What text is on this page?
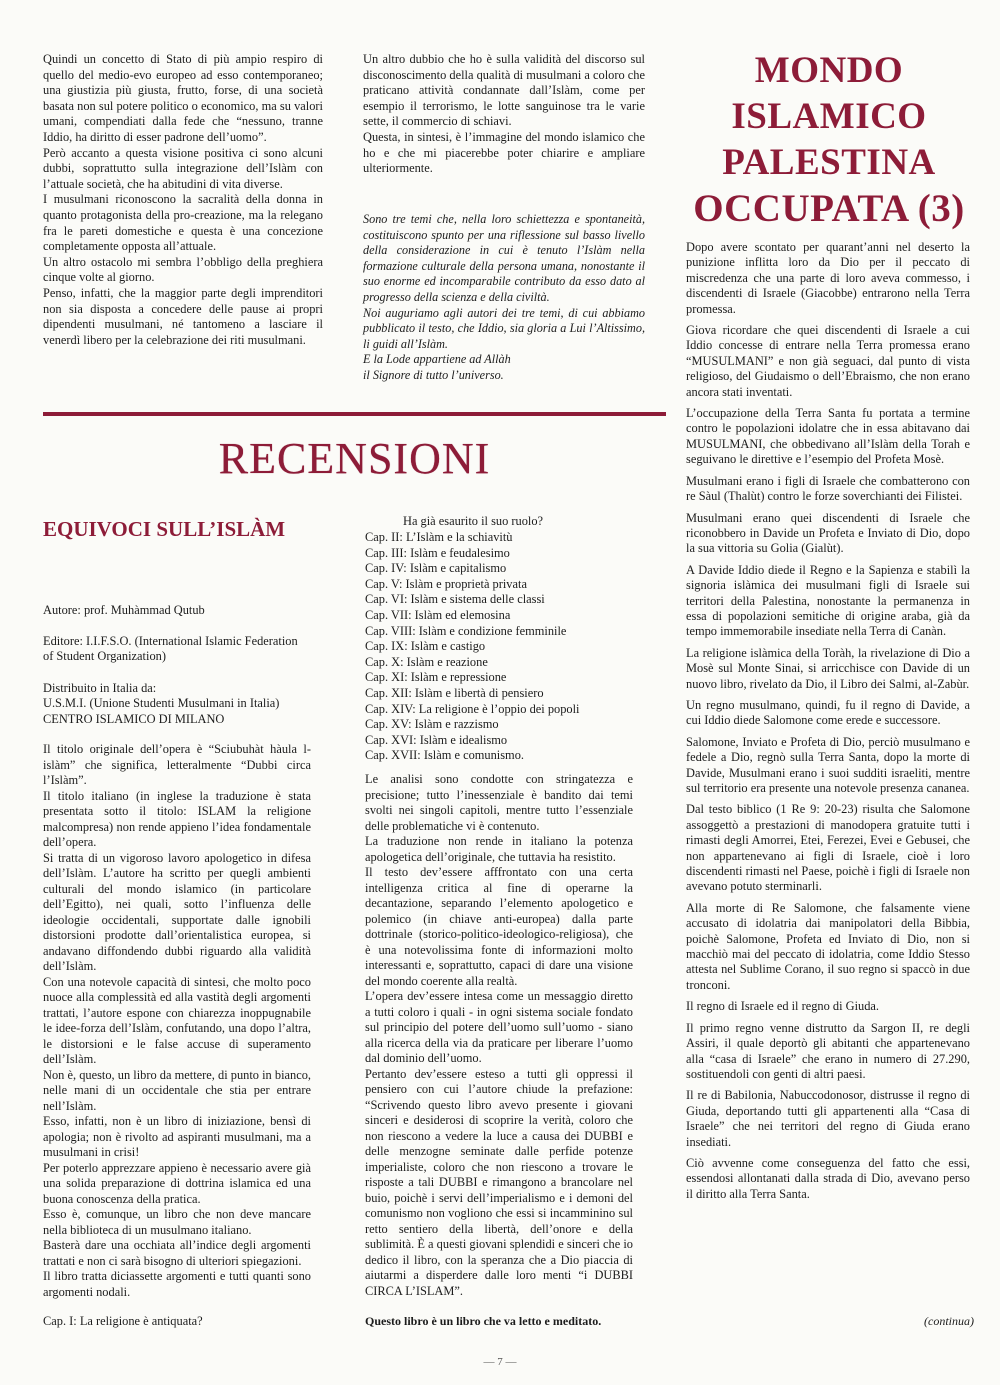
Quindi un concetto di Stato di più ampio respiro di quello del medio-evo europeo ad esso contemporaneo; una giustizia più giusta, frutto, forse, di una società basata non sul potere politico o economico, ma su valori umani, compendiati dalla fede che “nessuno, tranne Iddio, ha diritto di esser padrone dell’uomo”.

Però accanto a questa visione positiva ci sono alcuni dubbi, soprattutto sulla integrazione dell’Islàm con l’attuale società, che ha abitudini di vita diverse.

I musulmani riconoscono la sacralità della donna in quanto protagonista della pro-creazione, ma la relegano fra le pareti domestiche e questa è una concezione completamente opposta all’attuale.

Un altro ostacolo mi sembra l’obbligo della preghiera cinque volte al giorno.

Penso, infatti, che la maggior parte degli imprenditori non sia disposta a concedere delle pause ai propri dipendenti musulmani, né tantomeno a lasciare il venerdì libero per la celebrazione dei riti musulmani.

Un altro dubbio che ho è sulla validità del discorso sul disconoscimento della qualità di musulmani a coloro che praticano attività condannate dall’Islàm, come per esempio il terrorismo, le lotte sanguinose tra le varie sette, il commercio di schiavi.

Questa, in sintesi, è l’immagine del mondo islamico che ho e che mi piacerebbe poter chiarire e ampliare ulteriormente.

Sono tre temi che, nella loro schiettezza e spontaneità, costituiscono spunto per una riflessione sul basso livello della considerazione in cui è tenuto l’Islàm nella formazione culturale della persona umana, nonostante il suo enorme ed incomparabile contributo da esso dato al progresso della scienza e della civiltà.

Noi auguriamo agli autori dei tre temi, di cui abbiamo pubblicato il testo, che Iddio, sia gloria a Lui l’Altissimo, li guidi all’Islàm.

E la Lode appartiene ad Allàh

il Signore di tutto l’universo.

MONDO ISLAMICO
PALESTINA
OCCUPATA (3)

Dopo avere scontato per quarant’anni nel deserto la punizione inflitta loro da Dio per il peccato di miscredenza che una parte di loro aveva commesso, i discendenti di Israele (Giacobbe) entrarono nella Terra promessa.

Giova ricordare che quei discendenti di Israele a cui Iddio concesse di entrare nella Terra promessa erano “MUSULMANI” e non già seguaci, dal punto di vista religioso, del Giudaismo o dell’Ebraismo, che non erano ancora stati inventati.

L’occupazione della Terra Santa fu portata a termine contro le popolazioni idolatre che in essa abitavano dai MUSULMANI, che obbedivano all’Islàm della Torah e seguivano le direttive e l’esempio del Profeta Mosè.

Musulmani erano i figli di Israele che combatterono con re Sàul (Thalùt) contro le forze soverchianti dei Filistei.

Musulmani erano quei discendenti di Israele che riconobbero in Davide un Profeta e Inviato di Dio, dopo la sua vittoria su Golia (Gialùt).

A Davide Iddio diede il Regno e la Sapienza e stabilì la signoria islàmica dei musulmani figli di Israele sui territori della Palestina, nonostante la permanenza in essa di popolazioni semitiche di origine araba, già da tempo immemorabile insediate nella Terra di Canàn.

La religione islàmica della Toràh, la rivelazione di Dio a Mosè sul Monte Sinai, si arricchisce con Davide di un nuovo libro, rivelato da Dio, il Libro dei Salmi, al-Zabùr.

Un regno musulmano, quindi, fu il regno di Davide, a cui Iddio diede Salomone come erede e successore.

Salomone, Inviato e Profeta di Dio, perciò musulmano e fedele a Dio, regnò sulla Terra Santa, dopo la morte di Davide, Musulmani erano i suoi sudditi israeliti, mentre sul territorio era presente una notevole presenza cananea.

Dal testo biblico (1 Re 9: 20-23) risulta che Salomone assoggettò a prestazioni di manodopera gratuite tutti i rimasti degli Amorrei, Etei, Ferezei, Evei e Gebusei, che non appartenevano ai figli di Israele, cioè i loro discendenti rimasti nel Paese, poichè i figli di Israele non avevano potuto sterminarli.

Alla morte di Re Salomone, che falsamente viene accusato di idolatria dai manipolatori della Bibbia, poichè Salomone, Profeta ed Inviato di Dio, non si macchiò mai del peccato di idolatria, come Iddio Stesso attesta nel Sublime Corano, il suo regno si spaccò in due tronconi.

Il regno di Israele ed il regno di Giuda.

Il primo regno venne distrutto da Sargon II, re degli Assiri, il quale deportò gli abitanti che appartenevano alla “casa di Israele” che erano in numero di 27.290, sostituendoli con genti di altri paesi.

Il re di Babilonia, Nabuccodonosor, distrusse il regno di Giuda, deportando tutti gli appartenenti alla “Casa di Israele” che nei territori del regno di Giuda erano insediati.

Ciò avvenne come conseguenza del fatto che essi, essendosi allontanati dalla strada di Dio, avevano perso il diritto alla Terra Santa.

(continua)
RECENSIONI
EQUIVOCI SULL’ISLÀM

Autore: prof. Muhàmmad Qutub

Editore: I.I.F.S.O. (International Islamic Federation of Student Organization)

Distribuito in Italia da:

U.S.M.I. (Unione Studenti Musulmani in Italia)

CENTRO ISLAMICO DI MILANO

Il titolo originale dell’opera è “Sciubuhàt hàula l-islàm” che significa, letteralmente “Dubbi circa l’Islàm”.

Il titolo italiano (in inglese la traduzione è stata presentata sotto il titolo: ISLAM la religione malcompresa) non rende appieno l’idea fondamentale dell’opera.

Si tratta di un vigoroso lavoro apologetico in difesa dell’Islàm. L’autore ha scritto per quegli ambienti culturali del mondo islamico (in particolare dell’Egitto), nei quali, sotto l’influenza delle ideologie occidentali, supportate dalle ignobili distorsioni prodotte dall’orientalistica europea, si andavano diffondendo dubbi riguardo alla validità dell’Islàm.

Con una notevole capacità di sintesi, che molto poco nuoce alla complessità ed alla vastità degli argomenti trattati, l’autore espone con chiarezza inoppugnabile le idee-forza dell’Islàm, confutando, una dopo l’altra, le distorsioni e le false accuse di superamento dell’Islàm.

Non è, questo, un libro da mettere, di punto in bianco, nelle mani di un occidentale che stia per entrare nell’Islàm.

Esso, infatti, non è un libro di iniziazione, bensì di apologia; non è rivolto ad aspiranti musulmani, ma a musulmani in crisi!

Per poterlo apprezzare appieno è necessario avere già una solida preparazione di dottrina islamica ed una buona conoscenza della pratica.

Esso è, comunque, un libro che non deve mancare nella biblioteca di un musulmano italiano.

Basterà dare una occhiata all’indice degli argomenti trattati e non ci sarà bisogno di ulteriori spiegazioni.

Il libro tratta diciassette argomenti e tutti quanti sono argomenti nodali.

Cap. I: La religione è antiquata?
Ha già esaurito il suo ruolo?
Cap. II: L’Islàm e la schiavitù
Cap. III: Islàm e feudalesimo
Cap. IV: Islàm e capitalismo
Cap. V: Islàm e proprietà privata
Cap. VI: Islàm e sistema delle classi
Cap. VII: Islàm ed elemosina
Cap. VIII: Islàm e condizione femminile
Cap. IX: Islàm e castigo
Cap. X: Islàm e reazione
Cap. XI: Islàm e repressione
Cap. XII: Islàm e libertà di pensiero
Cap. XIV: La religione è l’oppio dei popoli
Cap. XV: Islàm e razzismo
Cap. XVI: Islàm e idealismo
Cap. XVII: Islàm e comunismo.

Le analisi sono condotte con stringatezza e precisione; tutto l’inessenziale è bandito dai temi svolti nei singoli capitoli, mentre tutto l’essenziale delle problematiche vi è contenuto.

La traduzione non rende in italiano la potenza apologetica dell’originale, che tuttavia ha resistito.

Il testo dev’essere afffrontato con una certa intelligenza critica al fine di operarne la decantazione, separando l’elemento apologetico e polemico (in chiave anti-europea) dalla parte dottrinale (storico-politico-ideologico-religiosa), che è una notevolissima fonte di informazioni molto interessanti e, soprattutto, capaci di dare una visione del mondo coerente alla realtà.

L’opera dev’essere intesa come un messaggio diretto a tutti coloro i quali - in ogni sistema sociale fondato sul principio del potere dell’uomo sull’uomo - siano alla ricerca della via da praticare per liberare l’uomo dal dominio dell’uomo.

Pertanto dev’essere esteso a tutti gli oppressi il pensiero con cui l’autore chiude la prefazione: “Scrivendo questo libro avevo presente i giovani sinceri e desiderosi di scoprire la verità, coloro che non riescono a vedere la luce a causa dei DUBBI e delle menzogne seminate dalle perfide potenze imperialiste, coloro che non riescono a trovare le risposte a tali DUBBI e rimangono a brancolare nel buio, poichè i servi dell’imperialismo e i demoni del comunismo non vogliono che essi si incamminino sul retto sentiero della libertà, dell’onore e della sublimità. È a questi giovani splendidi e sinceri che io dedico il libro, con la speranza che a Dio piaccia di aiutarmi a disperdere dalle loro menti “i DUBBI CIRCA L’ISLAM”.

Questo libro è un libro che va letto e meditato.
— 7 —
